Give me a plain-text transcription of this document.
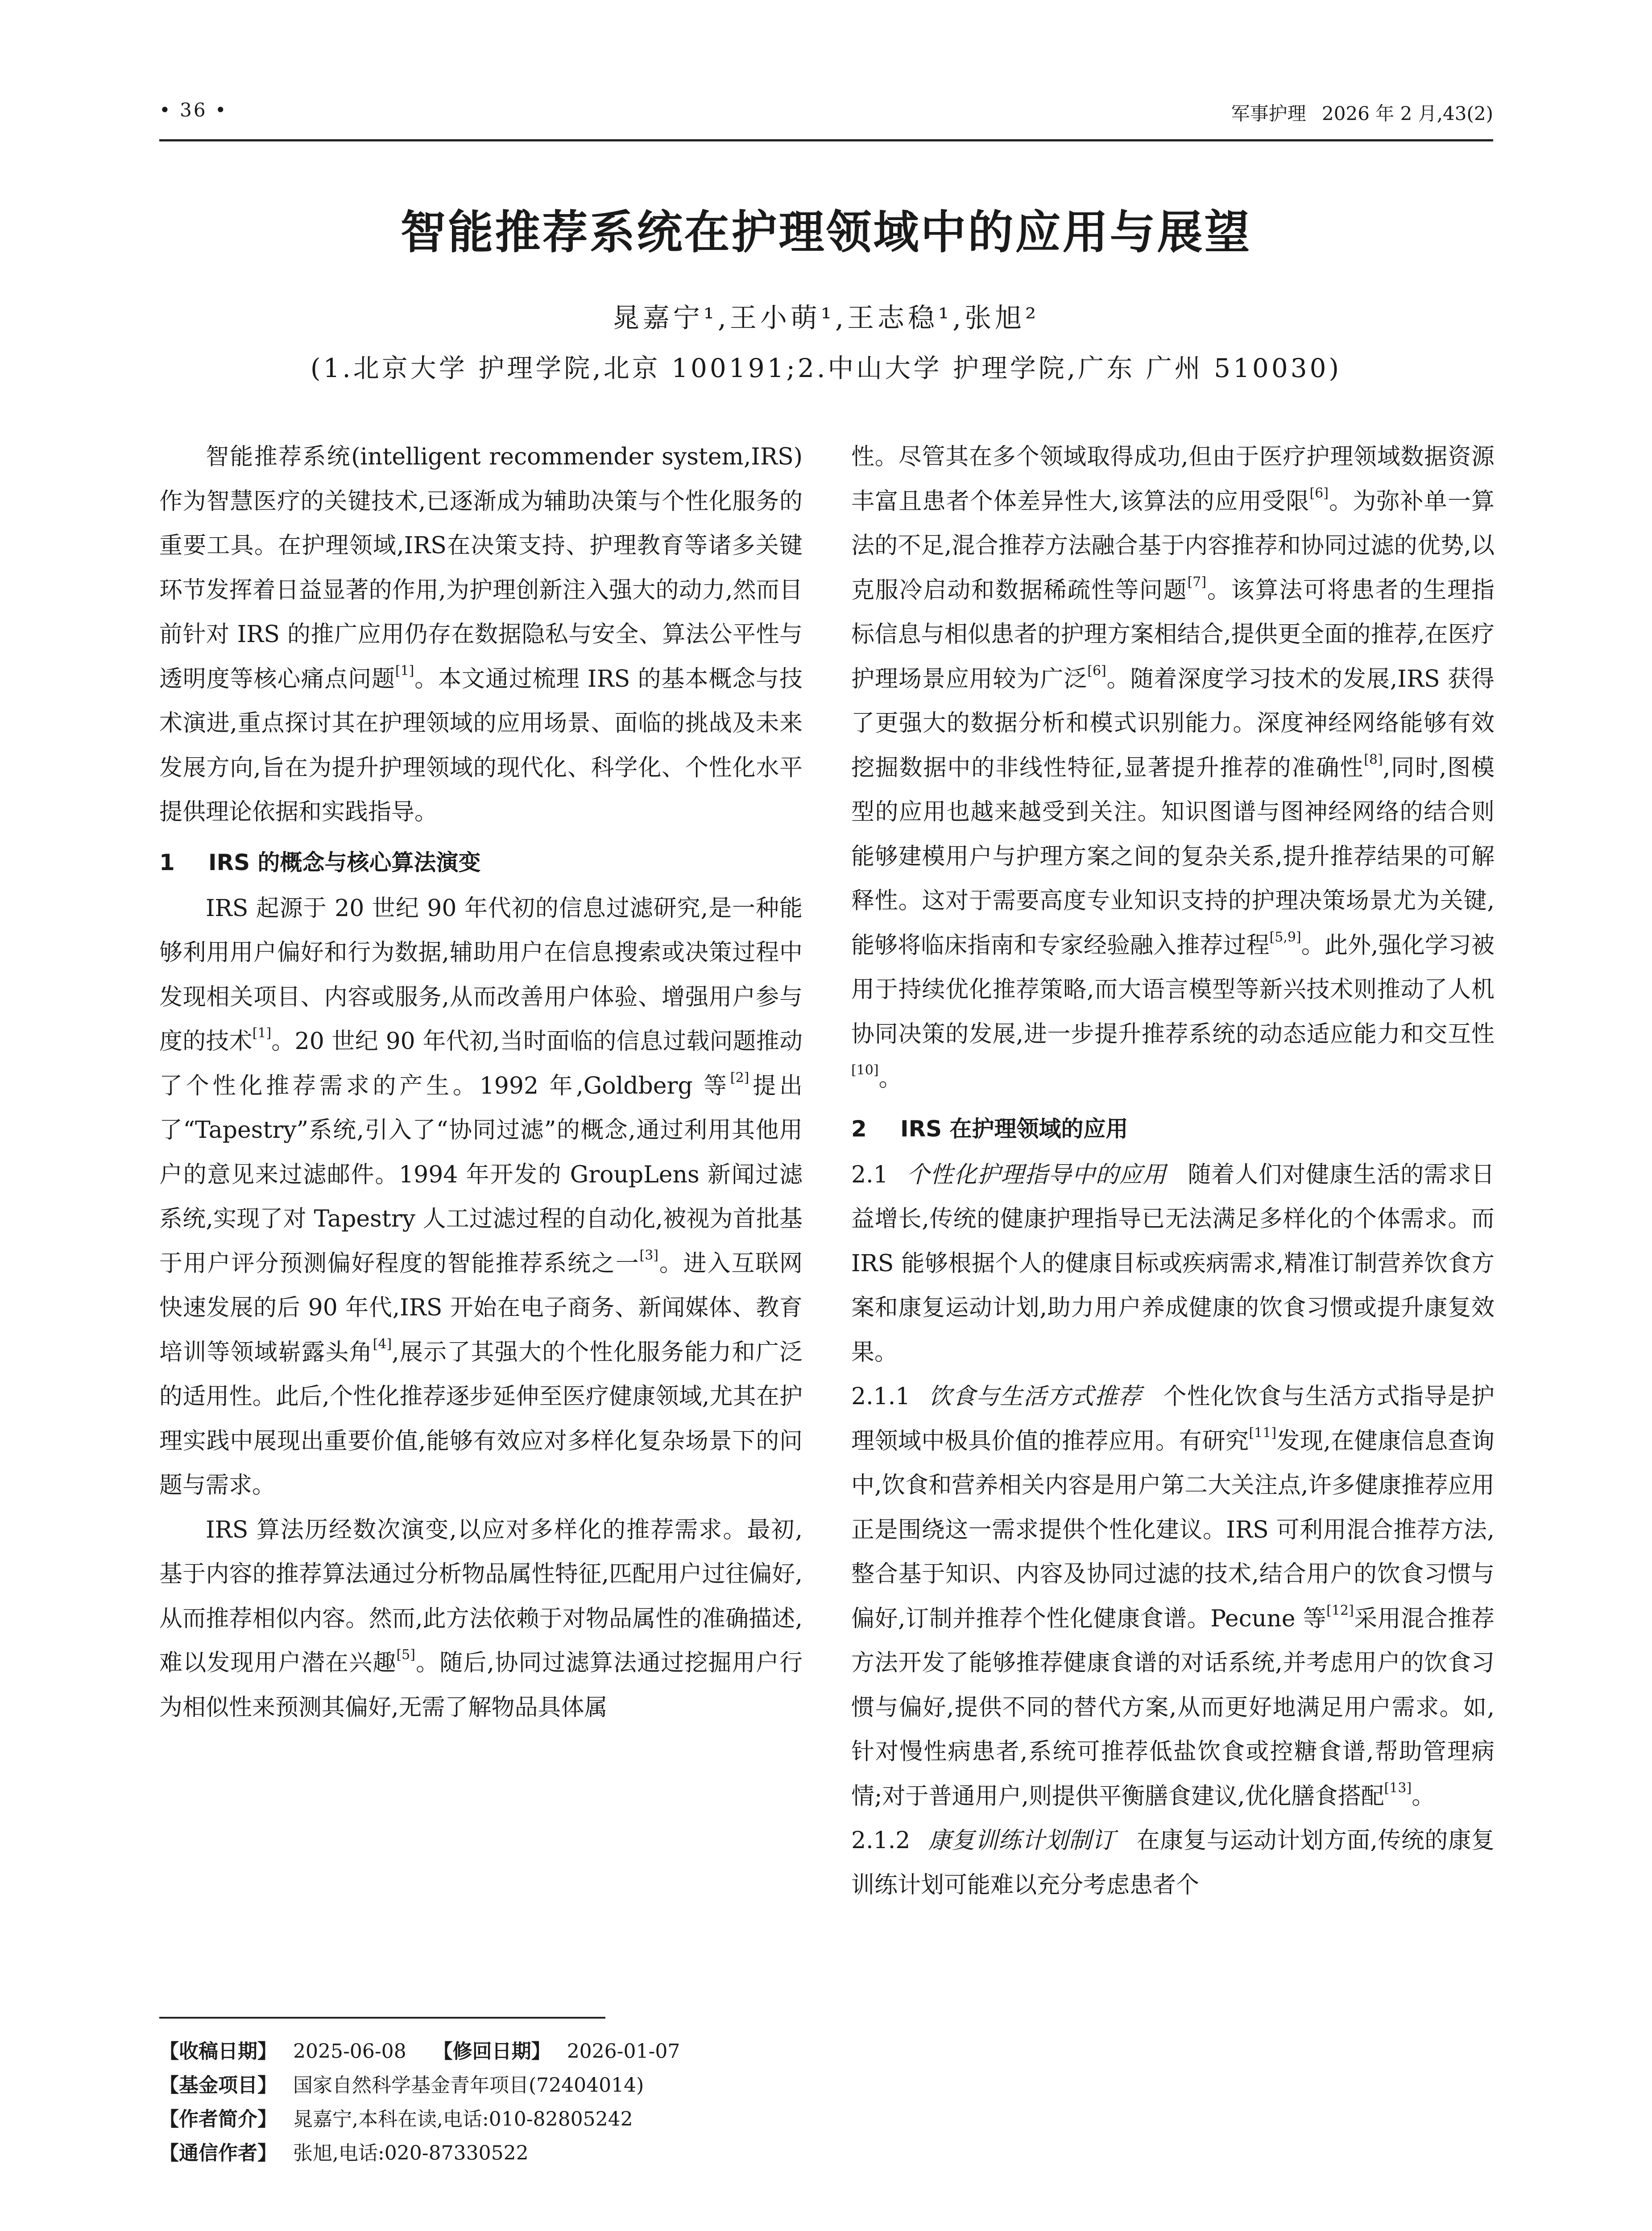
• 36 •	军事护理 2026 年 2 月,43(2)
智能推荐系统在护理领域中的应用与展望
晁嘉宁¹,王小萌¹,王志稳¹,张旭²
(1.北京大学 护理学院,北京 100191;2.中山大学 护理学院,广东 广州 510030)

智能推荐系统(intelligent recommender system,IRS)作为智慧医疗的关键技术,已逐渐成为辅助决策与个性化服务的重要工具。在护理领域,IRS在决策支持、护理教育等诸多关键环节发挥着日益显著的作用,为护理创新注入强大的动力,然而目前针对 IRS 的推广应用仍存在数据隐私与安全、算法公平性与透明度等核心痛点问题[1]。本文通过梳理 IRS 的基本概念与技术演进,重点探讨其在护理领域的应用场景、面临的挑战及未来发展方向,旨在为提升护理领域的现代化、科学化、个性化水平提供理论依据和实践指导。

1 IRS 的概念与核心算法演变

IRS 起源于 20 世纪 90 年代初的信息过滤研究,是一种能够利用用户偏好和行为数据,辅助用户在信息搜索或决策过程中发现相关项目、内容或服务,从而改善用户体验、增强用户参与度的技术[1]。20 世纪 90 年代初,当时面临的信息过载问题推动了个性化推荐需求的产生。1992 年,Goldberg 等[2]提出了“Tapestry”系统,引入了“协同过滤”的概念,通过利用其他用户的意见来过滤邮件。1994 年开发的 GroupLens 新闻过滤系统,实现了对 Tapestry 人工过滤过程的自动化,被视为首批基于用户评分预测偏好程度的智能推荐系统之一[3]。进入互联网快速发展的后 90 年代,IRS 开始在电子商务、新闻媒体、教育培训等领域崭露头角[4],展示了其强大的个性化服务能力和广泛的适用性。此后,个性化推荐逐步延伸至医疗健康领域,尤其在护理实践中展现出重要价值,能够有效应对多样化复杂场景下的问题与需求。

IRS 算法历经数次演变,以应对多样化的推荐需求。最初,基于内容的推荐算法通过分析物品属性特征,匹配用户过往偏好,从而推荐相似内容。然而,此方法依赖于对物品属性的准确描述,难以发现用户潜在兴趣[5]。随后,协同过滤算法通过挖掘用户行为相似性来预测其偏好,无需了解物品具体属

性。尽管其在多个领域取得成功,但由于医疗护理领域数据资源丰富且患者个体差异性大,该算法的应用受限[6]。为弥补单一算法的不足,混合推荐方法融合基于内容推荐和协同过滤的优势,以克服冷启动和数据稀疏性等问题[7]。该算法可将患者的生理指标信息与相似患者的护理方案相结合,提供更全面的推荐,在医疗护理场景应用较为广泛[6]。随着深度学习技术的发展,IRS 获得了更强大的数据分析和模式识别能力。深度神经网络能够有效挖掘数据中的非线性特征,显著提升推荐的准确性[8],同时,图模型的应用也越来越受到关注。知识图谱与图神经网络的结合则能够建模用户与护理方案之间的复杂关系,提升推荐结果的可解释性。这对于需要高度专业知识支持的护理决策场景尤为关键,能够将临床指南和专家经验融入推荐过程[5,9]。此外,强化学习被用于持续优化推荐策略,而大语言模型等新兴技术则推动了人机协同决策的发展,进一步提升推荐系统的动态适应能力和交互性[10]。

2 IRS 在护理领域的应用

2.1 个性化护理指导中的应用 随着人们对健康生活的需求日益增长,传统的健康护理指导已无法满足多样化的个体需求。而 IRS 能够根据个人的健康目标或疾病需求,精准订制营养饮食方案和康复运动计划,助力用户养成健康的饮食习惯或提升康复效果。

2.1.1 饮食与生活方式推荐 个性化饮食与生活方式指导是护理领域中极具价值的推荐应用。有研究[11]发现,在健康信息查询中,饮食和营养相关内容是用户第二大关注点,许多健康推荐应用正是围绕这一需求提供个性化建议。IRS 可利用混合推荐方法,整合基于知识、内容及协同过滤的技术,结合用户的饮食习惯与偏好,订制并推荐个性化健康食谱。Pecune 等[12]采用混合推荐方法开发了能够推荐健康食谱的对话系统,并考虑用户的饮食习惯与偏好,提供不同的替代方案,从而更好地满足用户需求。如,针对慢性病患者,系统可推荐低盐饮食或控糖食谱,帮助管理病情;对于普通用户,则提供平衡膳食建议,优化膳食搭配[13]。

2.1.2 康复训练计划制订 在康复与运动计划方面,传统的康复训练计划可能难以充分考虑患者个

【收稿日期】 2025-06-08 【修回日期】 2026-01-07
【基金项目】 国家自然科学基金青年项目(72404014)
【作者简介】 晁嘉宁,本科在读,电话:010-82805242
【通信作者】 张旭,电话:020-87330522
